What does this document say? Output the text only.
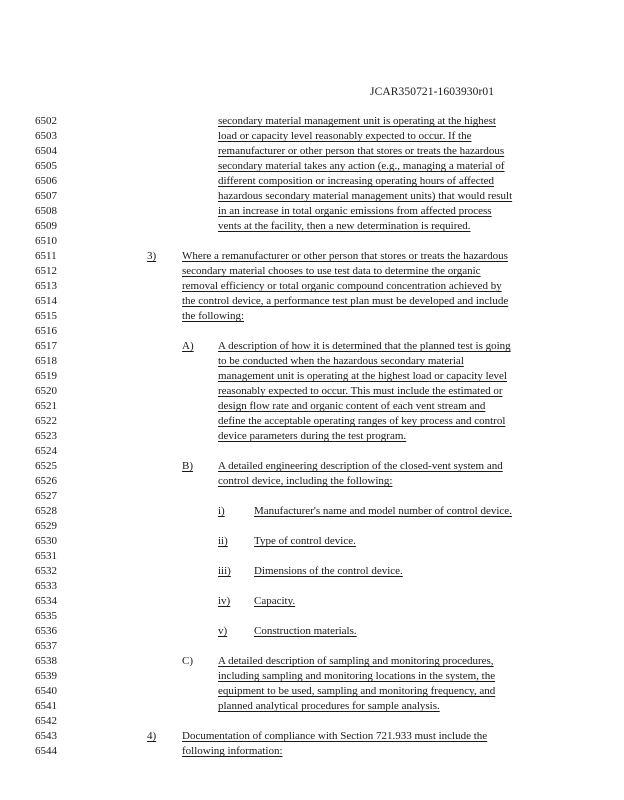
JCAR350721-1603930r01
6502
6503
6504
6505
6506
6507
6508
6509
6510
6511
6512
6513
6514
6515
6516
6517
6518
6519
6520
6521
6522
6523
6524
6525
6526
6527
6528
6529
6530
6531
6532
6533
6534
6535
6536
6537
6538
6539
6540
6541
6542
6543
6544
secondary material management unit is operating at the highest
load or capacity level reasonably expected to occur. If the
remanufacturer or other person that stores or treats the hazardous
secondary material takes any action (e.g., managing a material of
different composition or increasing operating hours of affected
hazardous secondary material management units) that would result
in an increase in total organic emissions from affected process
vents at the facility, then a new determination is required.
3) Where a remanufacturer or other person that stores or treats the hazardous
secondary material chooses to use test data to determine the organic
removal efficiency or total organic compound concentration achieved by
the control device, a performance test plan must be developed and include
the following:
A) A description of how it is determined that the planned test is going
to be conducted when the hazardous secondary material
management unit is operating at the highest load or capacity level
reasonably expected to occur. This must include the estimated or
design flow rate and organic content of each vent stream and
define the acceptable operating ranges of key process and control
device parameters during the test program.
B) A detailed engineering description of the closed-vent system and
control device, including the following:
i)	Manufacturer's name and model number of control device.
ii) Type of control device.
iii) Dimensions of the control device.
iv) Capacity.
v) Construction materials.
C) A detailed description of sampling and monitoring procedures,
including sampling and monitoring locations in the system, the
equipment to be used, sampling and monitoring frequency, and
planned analytical procedures for sample analysis.
4) Documentation of compliance with Section 721.933 must include the
following information:
